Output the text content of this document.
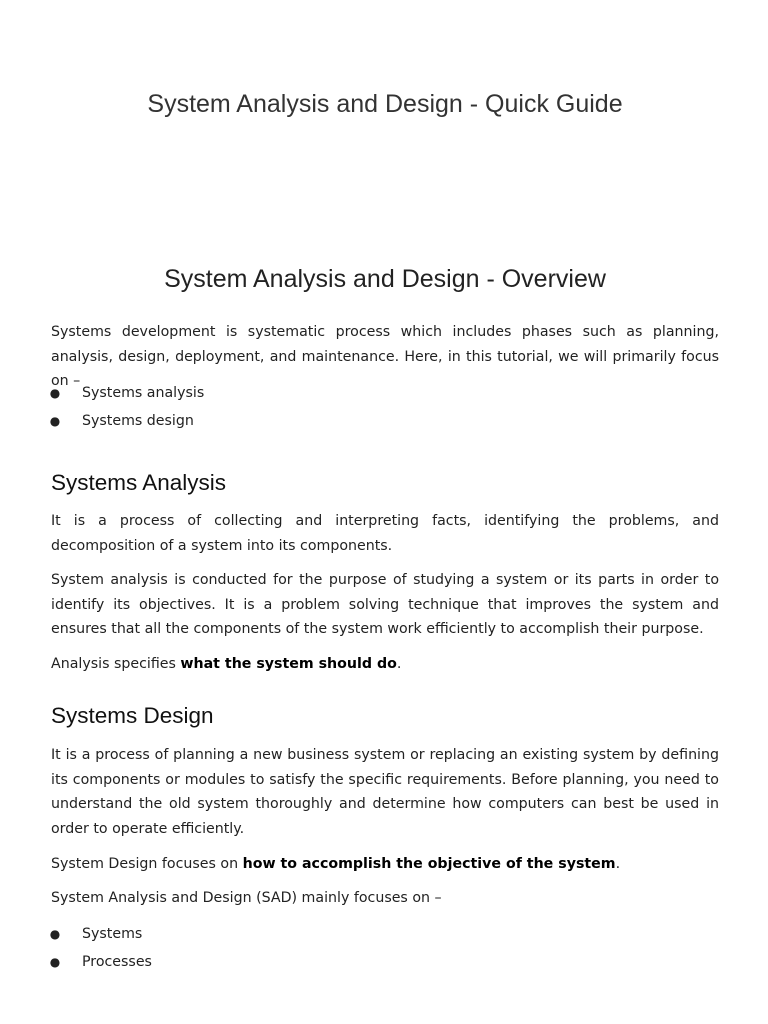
System Analysis and Design - Quick Guide
System Analysis and Design - Overview

Systems development is systematic process which includes phases such as planning, analysis, design, deployment, and maintenance. Here, in this tutorial, we will primarily focus on –

● Systems analysis
● Systems design
Systems Analysis

It is a process of collecting and interpreting facts, identifying the problems, and decomposition of a system into its components.

System analysis is conducted for the purpose of studying a system or its parts in order to identify its objectives. It is a problem solving technique that improves the system and ensures that all the components of the system work efficiently to accomplish their purpose.

Analysis specifies what the system should do.

Systems Design

It is a process of planning a new business system or replacing an existing system by defining its components or modules to satisfy the specific requirements. Before planning, you need to understand the old system thoroughly and determine how computers can best be used in order to operate efficiently.

System Design focuses on how to accomplish the objective of the system.

System Analysis and Design (SAD) mainly focuses on –

● Systems
● Processes
